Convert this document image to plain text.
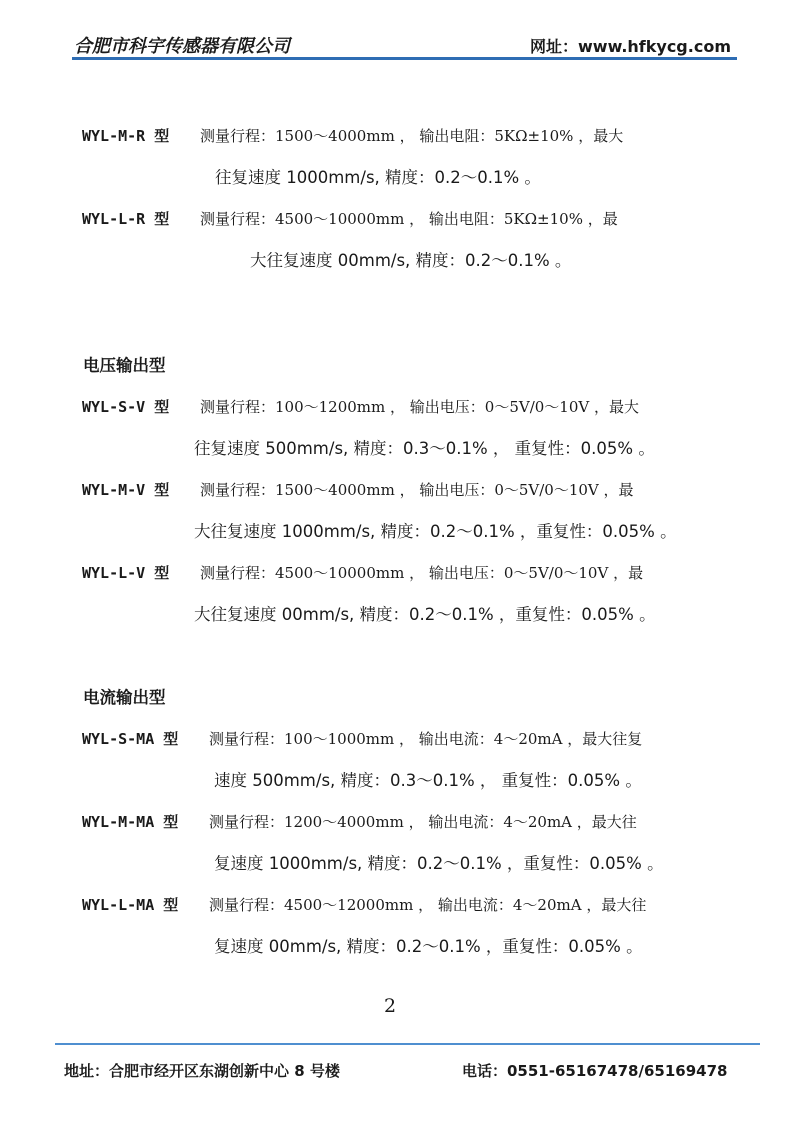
合肥市科宇传感器有限公司	网址：www.hfkycg.com
WYL-M-R 型 测量行程：1500～4000mm ， 输出电阻：5KΩ±10% ，最大
往复速度 1000mm/s, 精度：0.2～0.1% 。
WYL-L-R 型 测量行程：4500～10000mm ， 输出电阻：5KΩ±10% ，最
大往复速度 00mm/s, 精度：0.2～0.1% 。
电压输出型
WYL-S-V 型 测量行程：100～1200mm ， 输出电压：0～5V/0～10V ，最大
往复速度 500mm/s, 精度：0.3～0.1% ， 重复性：0.05% 。
WYL-M-V 型 测量行程：1500～4000mm ， 输出电压：0～5V/0～10V ，最
大往复速度 1000mm/s, 精度：0.2～0.1% ，重复性：0.05% 。
WYL-L-V 型 测量行程：4500～10000mm ， 输出电压：0～5V/0～10V ，最
大往复速度 00mm/s, 精度：0.2～0.1% ，重复性：0.05% 。
电流输出型
WYL-S-MA 型 测量行程：100～1000mm ， 输出电流：4～20mA ，最大往复
速度 500mm/s, 精度：0.3～0.1% ， 重复性：0.05% 。
WYL-M-MA 型 测量行程：1200～4000mm ， 输出电流：4～20mA ，最大往
复速度 1000mm/s, 精度：0.2～0.1% ，重复性：0.05% 。
WYL-L-MA 型 测量行程：4500～12000mm ， 输出电流：4～20mA ，最大往
复速度 00mm/s, 精度：0.2～0.1% ，重复性：0.05% 。
2
地址：合肥市经开区东湖创新中心 8 号楼	电话：0551-65167478/65169478
